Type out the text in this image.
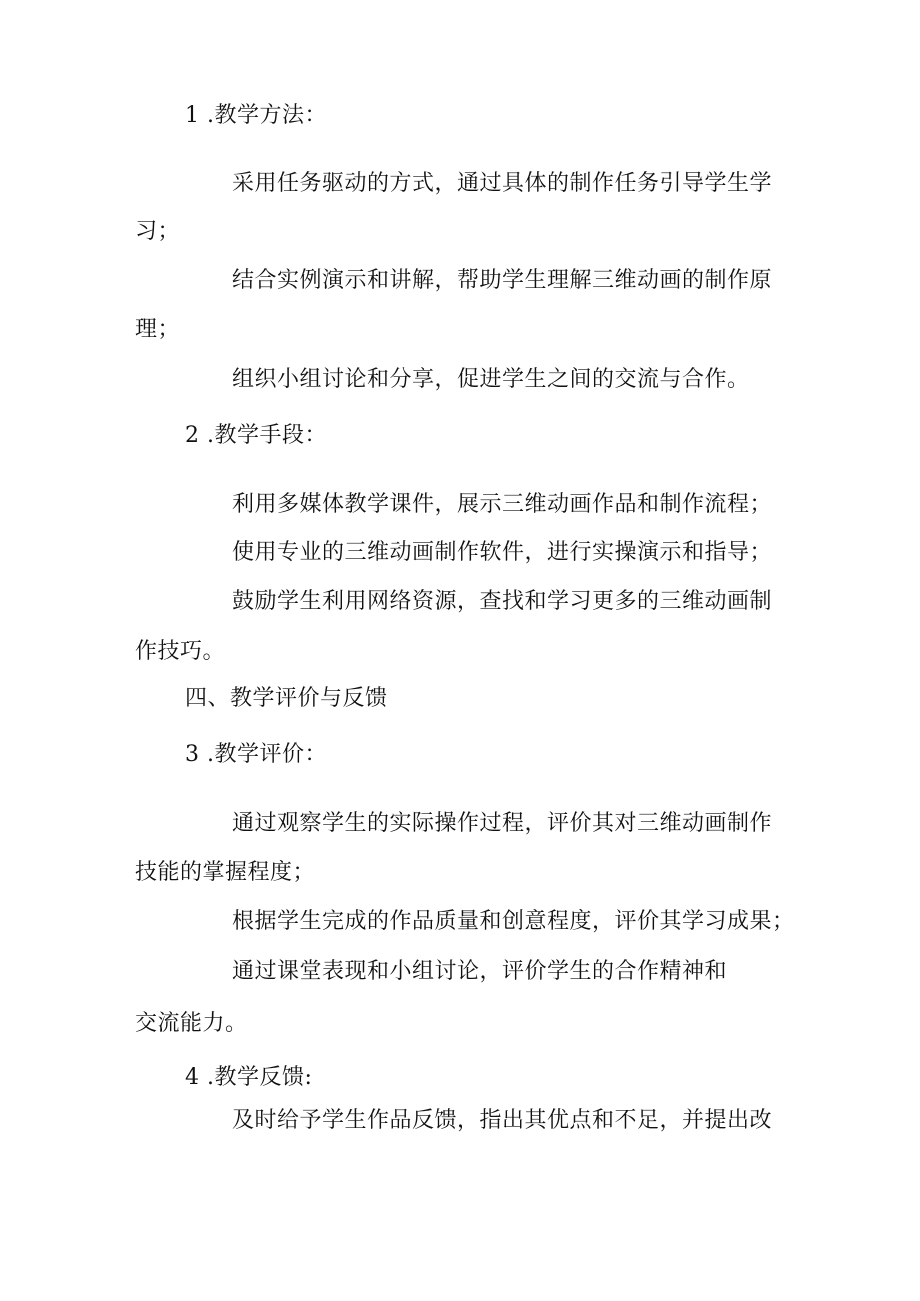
1 .教学方法：
采用任务驱动的方式，通过具体的制作任务引导学生学
习；
结合实例演示和讲解，帮助学生理解三维动画的制作原
理；
组织小组讨论和分享，促进学生之间的交流与合作。
2 .教学手段：
利用多媒体教学课件，展示三维动画作品和制作流程；
使用专业的三维动画制作软件，进行实操演示和指导；
鼓励学生利用网络资源，查找和学习更多的三维动画制
作技巧。
四、教学评价与反馈
3 .教学评价：
通过观察学生的实际操作过程，评价其对三维动画制作
技能的掌握程度；
根据学生完成的作品质量和创意程度，评价其学习成果；
通过课堂表现和小组讨论，评价学生的合作精神和
交流能力。
4 .教学反馈:
及时给予学生作品反馈，指出其优点和不足，并提出改
